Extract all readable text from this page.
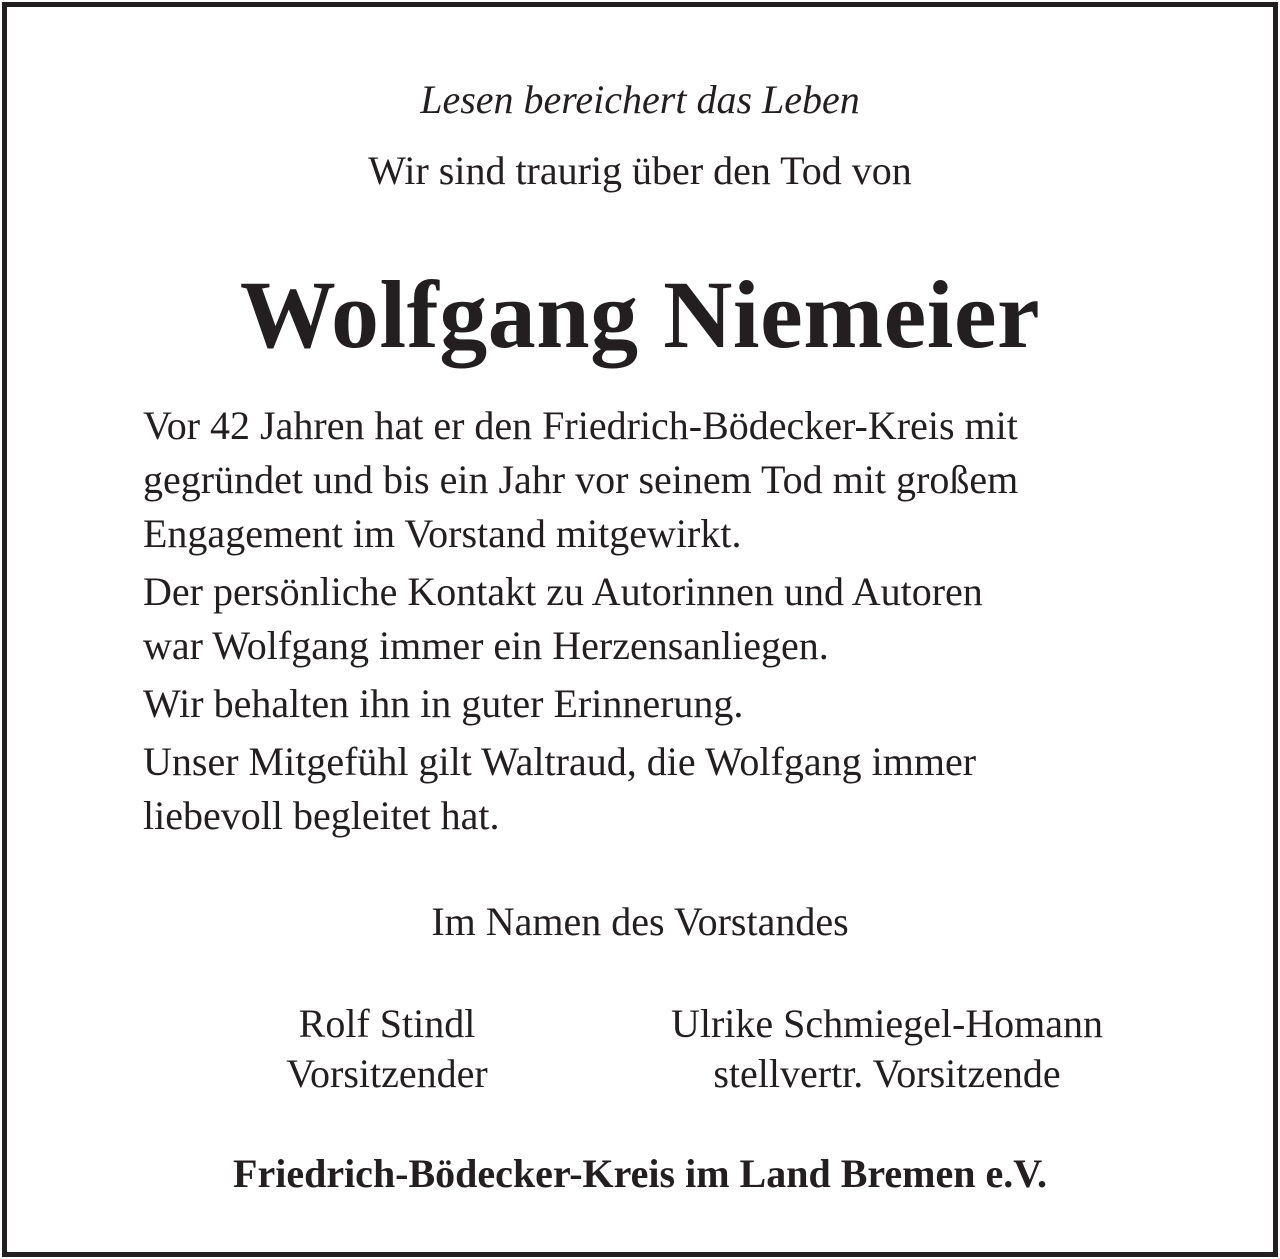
Lesen bereichert das Leben
Wir sind traurig über den Tod von
Wolfgang Niemeier

Vor 42 Jahren hat er den Friedrich-Bödecker-Kreis mit
gegründet und bis ein Jahr vor seinem Tod mit großem
Engagement im Vorstand mitgewirkt.

Der persönliche Kontakt zu Autorinnen und Autoren
war Wolfgang immer ein Herzensanliegen.

Wir behalten ihn in guter Erinnerung.

Unser Mitgefühl gilt Waltraud, die Wolfgang immer
liebevoll begleitet hat.

Im Namen des Vorstandes
Rolf Stindl
Vorsitzender
Ulrike Schmiegel-Homann
stellvertr. Vorsitzende
Friedrich-Bödecker-Kreis im Land Bremen e.V.
